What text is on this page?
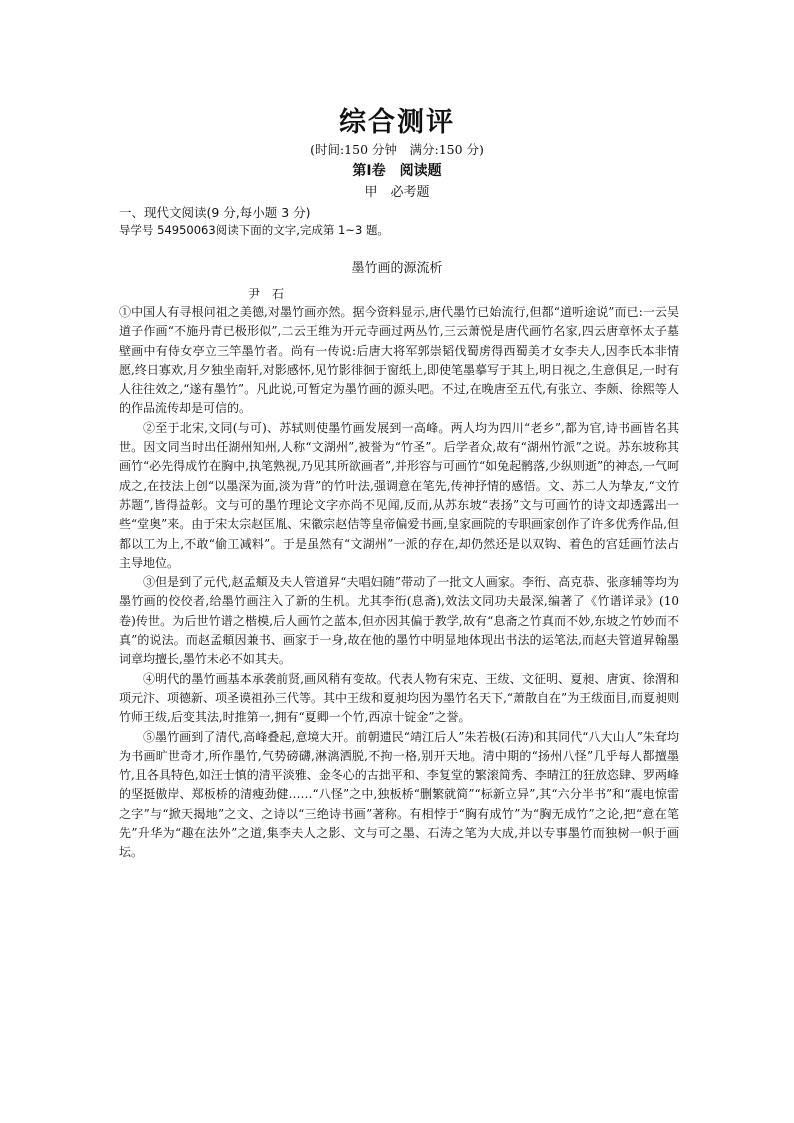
综合测评
(时间:150 分钟　满分:150 分)
第Ⅰ卷　阅读题
甲　必考题
一、现代文阅读(9 分,每小题 3 分)
导学号 54950063阅读下面的文字,完成第 1~3 题。
墨竹画的源流析
尹　石

①中国人有寻根问祖之美德,对墨竹画亦然。据今资料显示,唐代墨竹已始流行,但都“道听途说”而已:一云吴道子作画“不施丹青已极形似”,二云王维为开元寺画过两丛竹,三云萧悦是唐代画竹名家,四云唐章怀太子墓壁画中有侍女亭立三竿墨竹者。尚有一传说:后唐大将军郭崇韬伐蜀虏得西蜀美才女李夫人,因李氏本非情愿,终日寡欢,月夕独坐南轩,对影感怀,见竹影徘徊于窗纸上,即使笔墨摹写于其上,明日视之,生意俱足,一时有人往往效之,“遂有墨竹”。凡此说,可暂定为墨竹画的源头吧。不过,在晚唐至五代,有张立、李颇、徐熙等人的作品流传却是可信的。

②至于北宋,文同(与可)、苏轼则使墨竹画发展到一高峰。两人均为四川“老乡”,都为官,诗书画皆名其世。因文同当时出任湖州知州,人称“文湖州”,被誉为“竹圣”。后学者众,故有“湖州竹派”之说。苏东坡称其画竹“必先得成竹在胸中,执笔熟视,乃见其所欲画者”,并形容与可画竹“如兔起鹘落,少纵则逝”的神态,一气呵成之,在技法上创“以墨深为面,淡为背”的竹叶法,强调意在笔先,传神抒情的感悟。文、苏二人为挚友,“文竹苏题”,皆得益彰。文与可的墨竹理论文字亦尚不见闻,反而,从苏东坡“表扬”文与可画竹的诗文却透露出一些“堂奥”来。由于宋太宗赵匡胤、宋徽宗赵佶等皇帝偏爱书画,皇家画院的专职画家创作了许多优秀作品,但都以工为上,不敢“偷工减料”。于是虽然有“文湖州”一派的存在,却仍然还是以双钩、着色的宫廷画竹法占主导地位。

③但是到了元代,赵孟頫及夫人管道昇“夫唱妇随”带动了一批文人画家。李衎、高克恭、张彦辅等均为墨竹画的佼佼者,给墨竹画注入了新的生机。尤其李衎(息斋),效法文同功夫最深,编著了《竹谱详录》(10 卷)传世。为后世竹谱之楷模,后人画竹之蓝本,但亦因其偏于教学,故有“息斋之竹真而不妙,东坡之竹妙而不真”的说法。而赵孟頫因兼书、画家于一身,故在他的墨竹中明显地体现出书法的运笔法,而赵夫管道昇翰墨词章均擅长,墨竹未必不如其夫。

④明代的墨竹画基本承袭前贤,画风稍有变故。代表人物有宋克、王绂、文征明、夏昶、唐寅、徐渭和项元汴、项德新、项圣谟祖孙三代等。其中王绂和夏昶均因为墨竹名天下,“萧散自在”为王绂面目,而夏昶则竹师王绂,后变其法,时推第一,拥有“夏卿一个竹,西凉十锭金”之誉。

⑤墨竹画到了清代,高峰叠起,意境大开。前朝遗民“靖江后人”朱若极(石涛)和其同代“八大山人”朱耷均为书画旷世奇才,所作墨竹,气势磅礴,淋漓洒脱,不拘一格,别开天地。清中期的“扬州八怪”几乎每人都擅墨竹,且各具特色,如汪士慎的清平淡雅、金冬心的古拙平和、李复堂的繁滚简秀、李晴江的狂放恣肆、罗两峰的坚挺傲岸、郑板桥的清瘦劲健……“八怪”之中,独板桥“删繁就简”“标新立异”,其“六分半书”和“震电惊雷之字”与“掀天揭地”之文、之诗以“三绝诗书画”著称。有相悖于“胸有成竹”为“胸无成竹”之论,把“意在笔先”升华为“趣在法外”之道,集李夫人之影、文与可之墨、石涛之笔为大成,并以专事墨竹而独树一帜于画坛。
